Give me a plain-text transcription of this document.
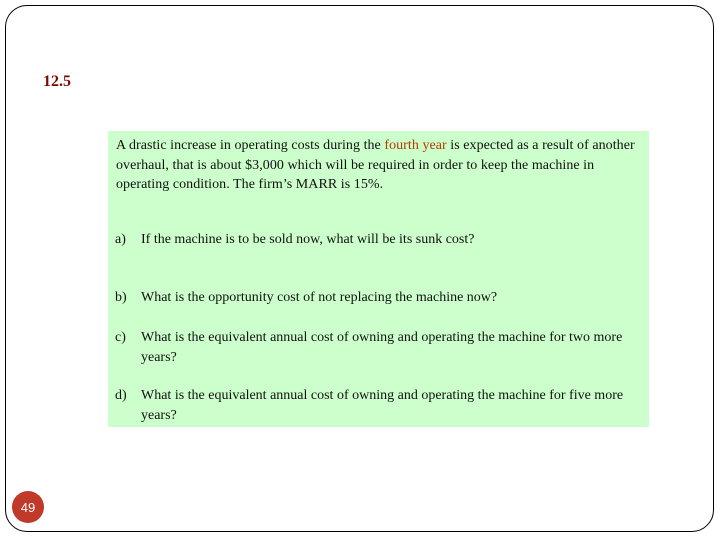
12.5

A drastic increase in operating costs during the fourth year is expected as a result of another overhaul, that is about $3,000 which will be required in order to keep the machine in operating condition. The firm’s MARR is 15%.

a)	If the machine is to be sold now, what will be its sunk cost?
b)	What is the opportunity cost of not replacing the machine now?
c)	What is the equivalent annual cost of owning and operating the machine for two more years?
d)	What is the equivalent annual cost of owning and operating the machine for five more years?
49
